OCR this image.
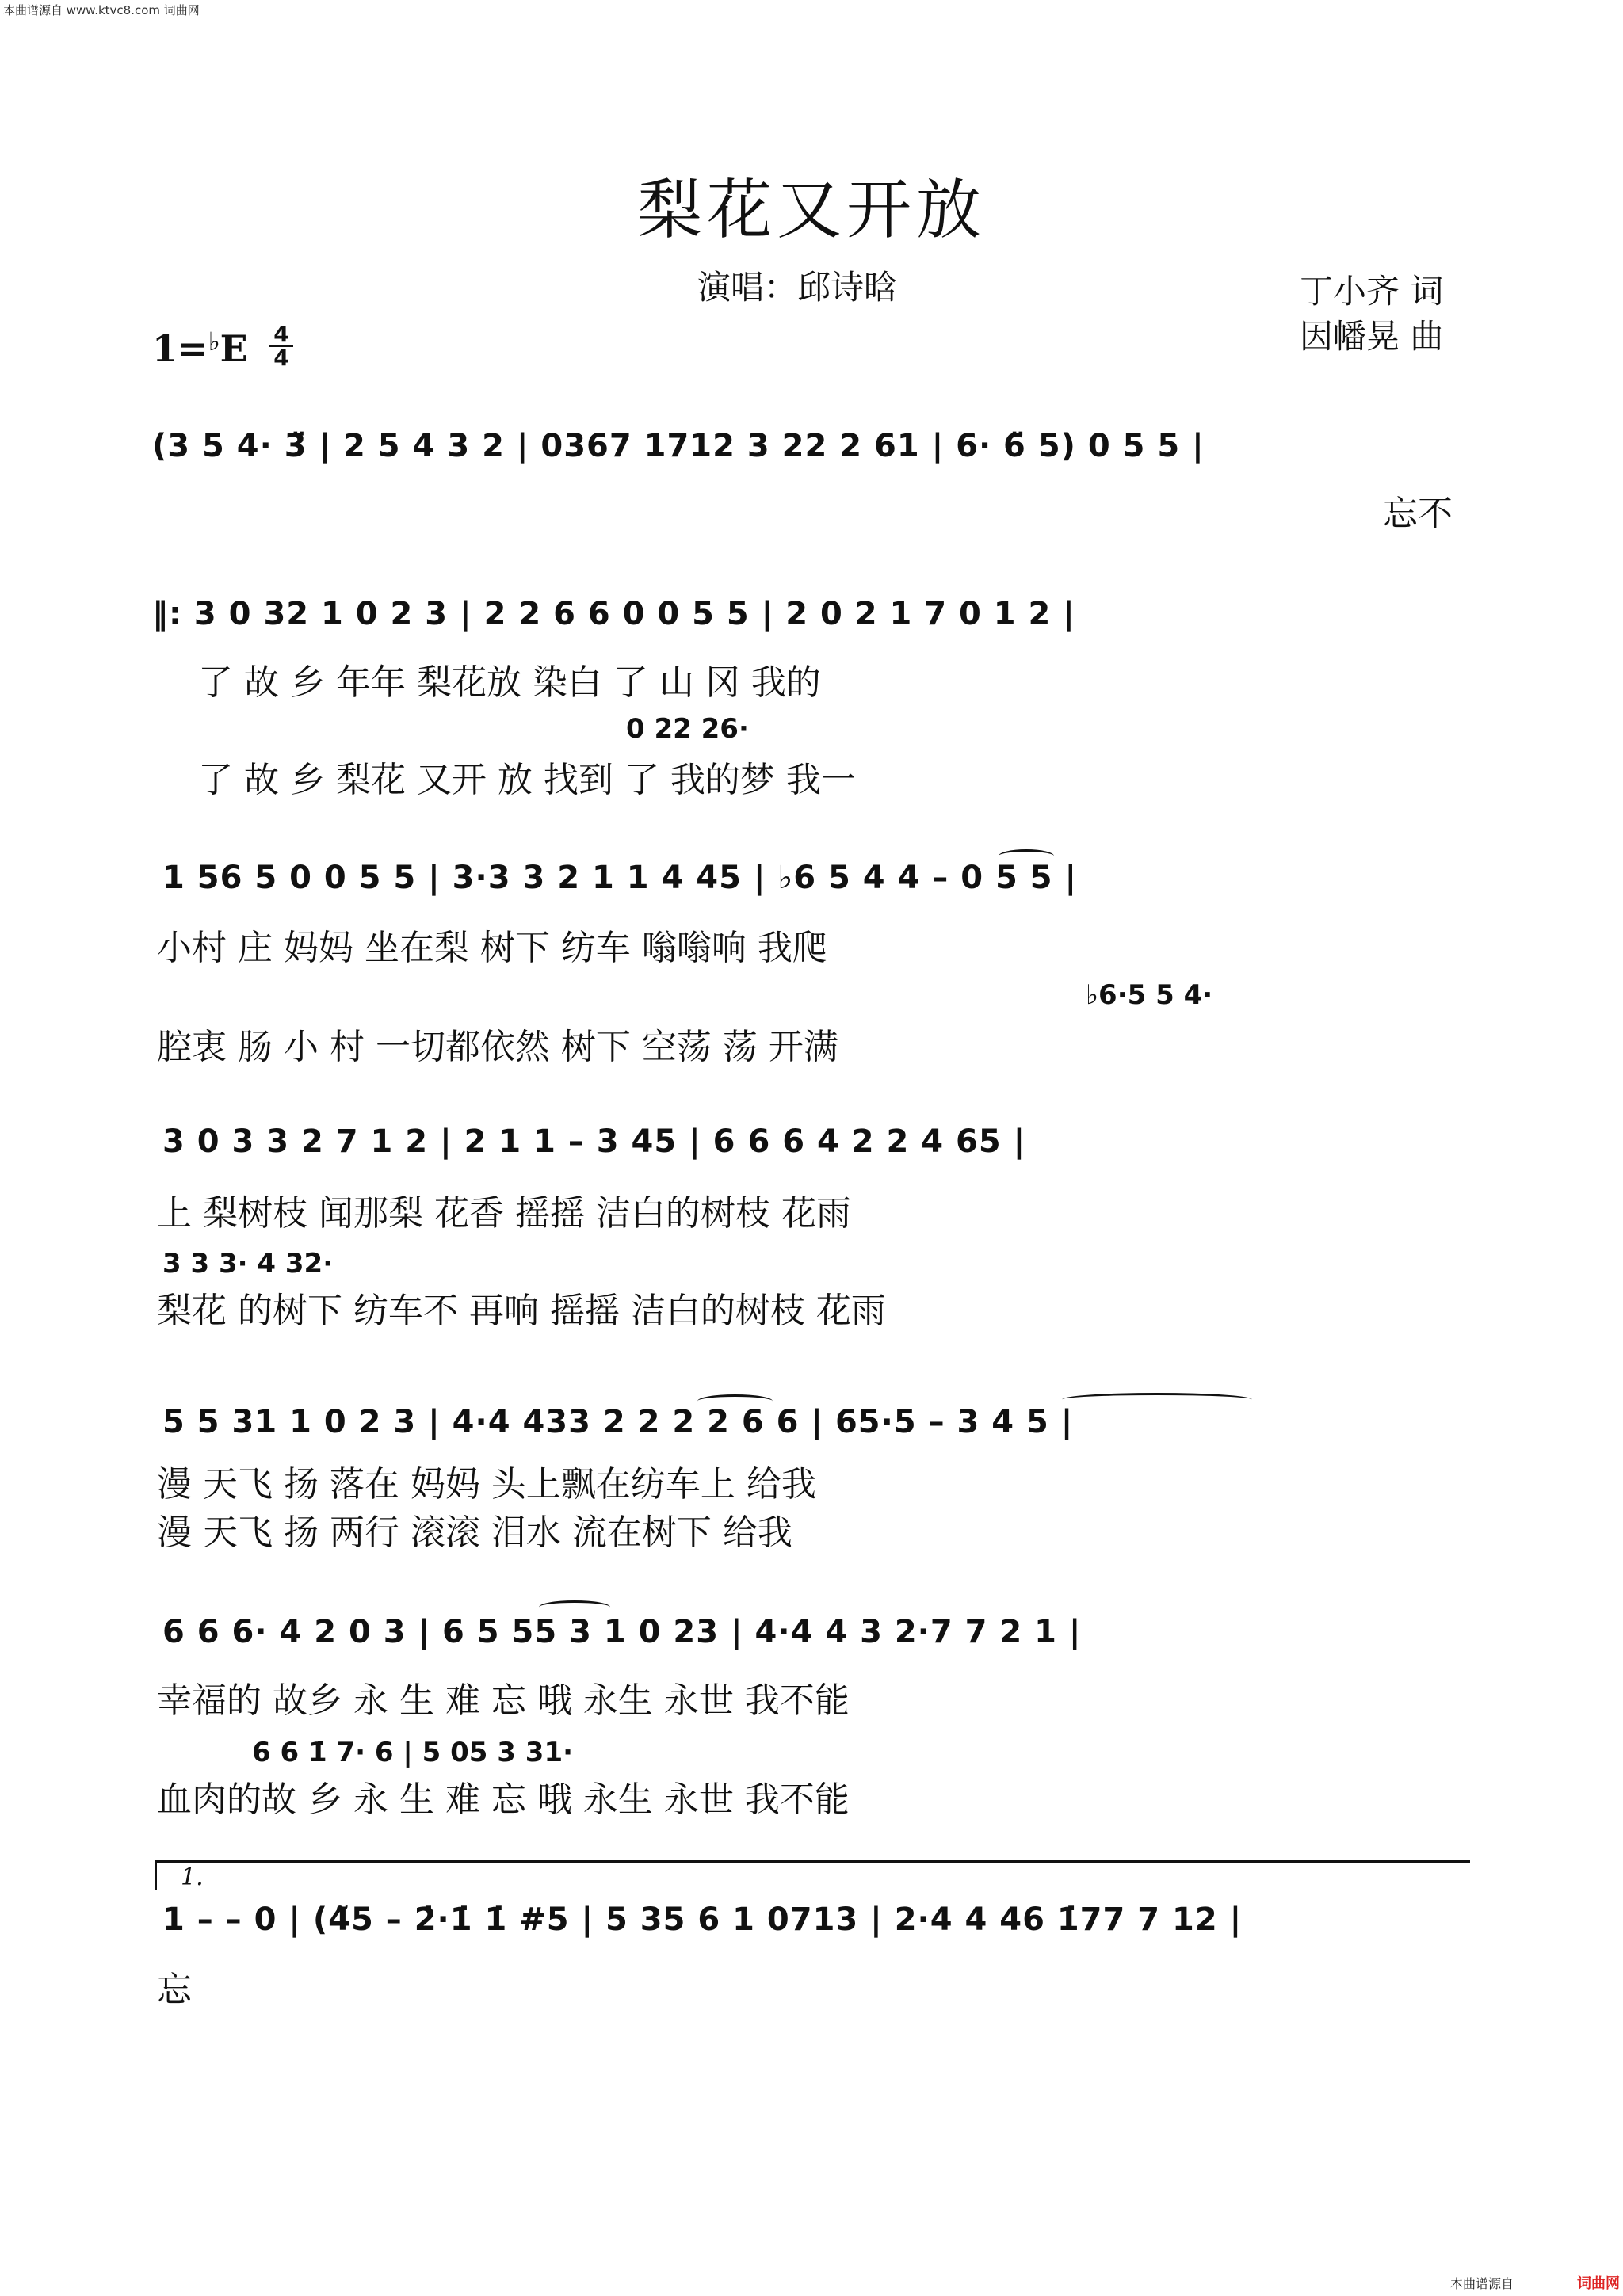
本曲谱源自 www.ktvc8.com 词曲网
梨花又开放
演唱：邱诗晗	丁小齐 词
因幡晃 曲
1=♭E 4
4
(3 5 4· 3̈ | 2 5 4 3 2 | 0367 1712 3 22 2 61 | 6· 6̈ 5) 0 5 5 |
忘不
‖: 3 0 32 1 0 2 3 | 2 2 6 6 0 0 5 5 | 2 0 2 1 7 0 1 2 |
了 故 乡 年年 梨花放 染白 了 山 冈 我的
0 22 26·
了 故 乡 梨花 又开 放 找到 了 我的梦 我一
1 56 5 0 0 5 5 | 3·3 3 2 1 1 4 45 | ♭6 5 4 4 – 0 5 5 |
小村 庄 妈妈 坐在梨 树下 纺车 嗡嗡响 我爬
♭6·5 5 4·
腔衷 肠 小 村 一切都依然 树下 空荡 荡 开满
3 0 3 3 2 7 1 2 | 2 1 1 – 3 45 | 6 6 6 4 2 2 4 65 |
上 梨树枝 闻那梨 花香 摇摇 洁白的树枝 花雨
3 3 3· 4 32·
梨花 的树下 纺车不 再响 摇摇 洁白的树枝 花雨
5 5 31 1 0 2 3 | 4·4 433 2 2 2 2 6 6 | 65·5 – 3 4 5 |
漫 天飞 扬 落在 妈妈 头上飘在纺车上 给我
漫 天飞 扬 两行 滚滚 泪水 流在树下 给我
6 6 6· 4 2 0 3 | 6 5 55 3 1 0 23 | 4·4 4 3 2·7 7 2 1 |
幸福的 故乡 永 生 难 忘 哦 永生 永世 我不能
6 6 1̇ 7· 6 | 5 05 3 31·
血肉的故 乡 永 生 难 忘 哦 永生 永世 我不能
1.
1 – – 0 | (4̃5 – 2̇·1̇ 1̇ #5 | 5 35 6 1 0713 | 2·4 4 46 1̇77 7 12 |
忘
本曲谱源自	词曲网
